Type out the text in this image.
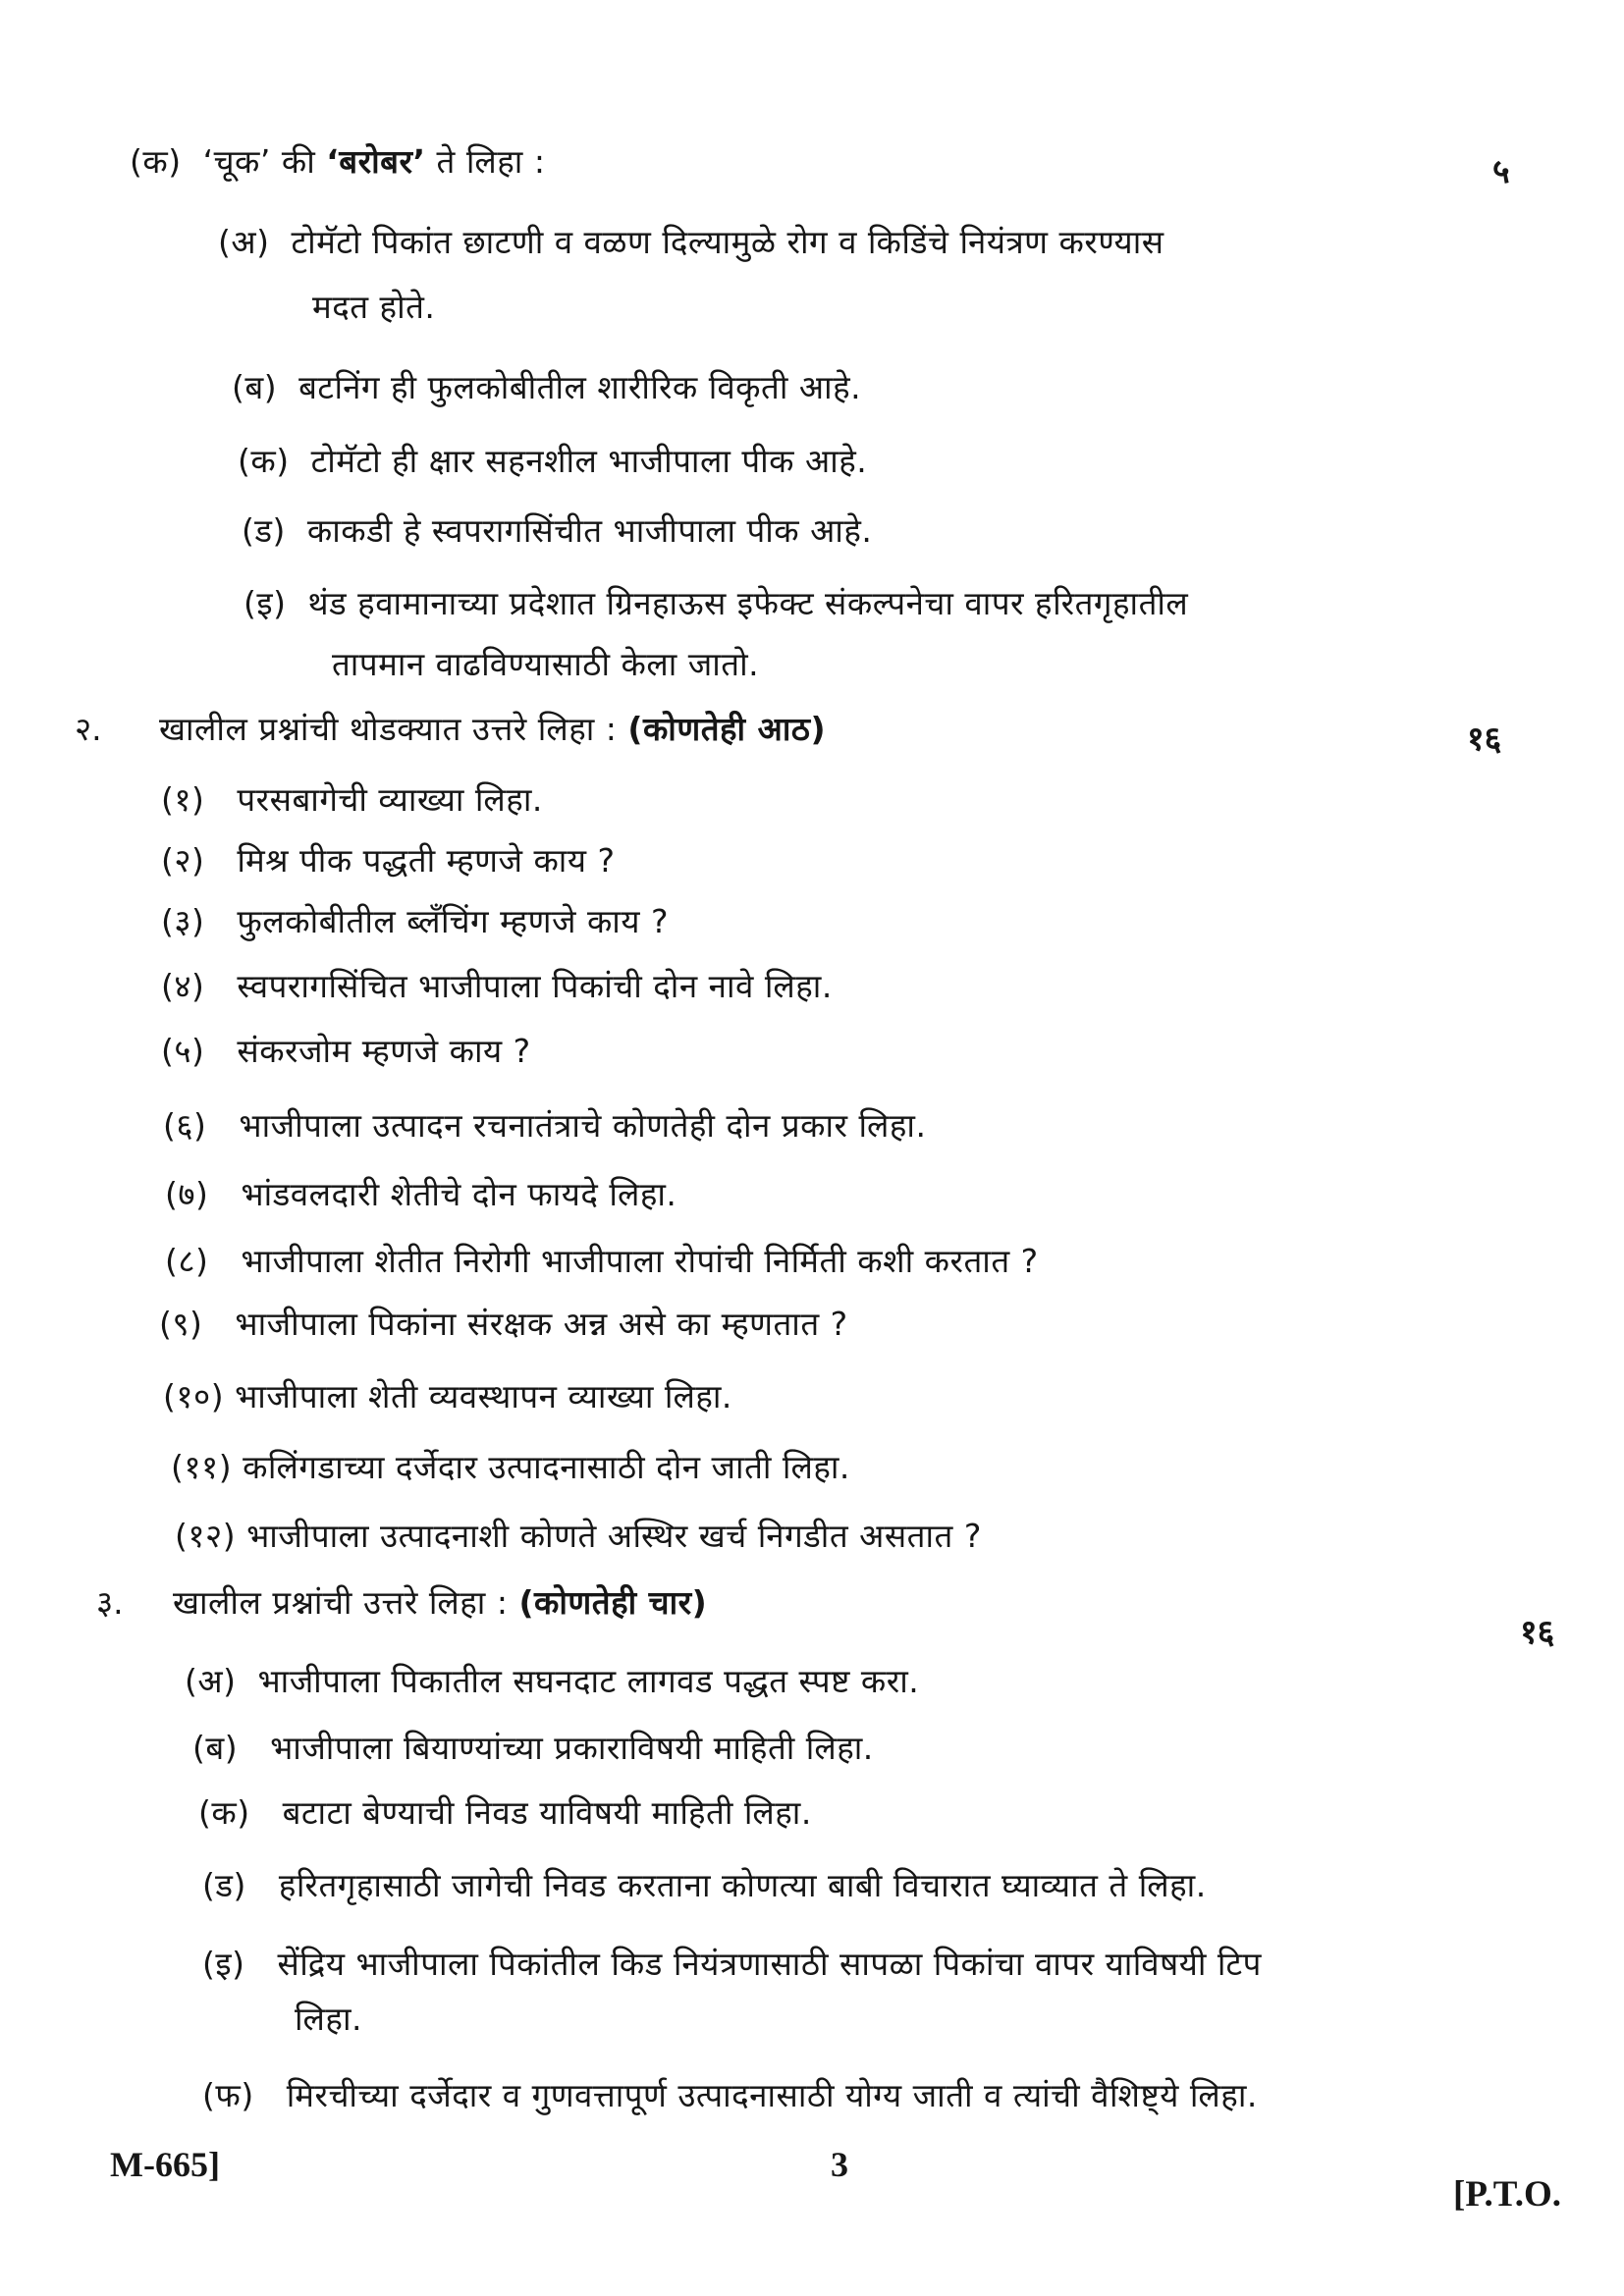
(क) ‘चूक’ की ‘बरोबर’ ते लिहा :	५
(अ) टोमॅटो पिकांत छाटणी व वळण दिल्यामुळे रोग व किडिंचे नियंत्रण करण्यास
मदत होते.
(ब) बटनिंग ही फुलकोबीतील शारीरिक विकृती आहे.
(क) टोमॅटो ही क्षार सहनशील भाजीपाला पीक आहे.
(ड) काकडी हे स्वपरागसिंचीत भाजीपाला पीक आहे.
(इ) थंड हवामानाच्या प्रदेशात ग्रिनहाऊस इफेक्ट संकल्पनेचा वापर हरितगृहातील
तापमान वाढविण्यासाठी केला जातो.
२. खालील प्रश्नांची थोडक्यात उत्तरे लिहा : (कोणतेही आठ)	१६
(१) परसबागेची व्याख्या लिहा.
(२) मिश्र पीक पद्धती म्हणजे काय ?
(३) फुलकोबीतील ब्लँचिंग म्हणजे काय ?
(४) स्वपरागसिंचित भाजीपाला पिकांची दोन नावे लिहा.
(५) संकरजोम म्हणजे काय ?
(६) भाजीपाला उत्पादन रचनातंत्राचे कोणतेही दोन प्रकार लिहा.
(७) भांडवलदारी शेतीचे दोन फायदे लिहा.
(८) भाजीपाला शेतीत निरोगी भाजीपाला रोपांची निर्मिती कशी करतात ?
(९) भाजीपाला पिकांना संरक्षक अन्न असे का म्हणतात ?
(१०) भाजीपाला शेती व्यवस्थापन व्याख्या लिहा.
(११) कलिंगडाच्या दर्जेदार उत्पादनासाठी दोन जाती लिहा.
(१२) भाजीपाला उत्पादनाशी कोणते अस्थिर खर्च निगडीत असतात ?
३. खालील प्रश्नांची उत्तरे लिहा : (कोणतेही चार)
१६
(अ) भाजीपाला पिकातील सघनदाट लागवड पद्धत स्पष्ट करा.
(ब) भाजीपाला बियाण्यांच्या प्रकाराविषयी माहिती लिहा.
(क) बटाटा बेण्याची निवड याविषयी माहिती लिहा.
(ड) हरितगृहासाठी जागेची निवड करताना कोणत्या बाबी विचारात घ्याव्यात ते लिहा.
(इ) सेंद्रिय भाजीपाला पिकांतील किड नियंत्रणासाठी सापळा पिकांचा वापर याविषयी टिप
लिहा.
(फ) मिरचीच्या दर्जेदार व गुणवत्तापूर्ण उत्पादनासाठी योग्य जाती व त्यांची वैशिष्ट्ये लिहा.
M-665]	3
[P.T.O.
